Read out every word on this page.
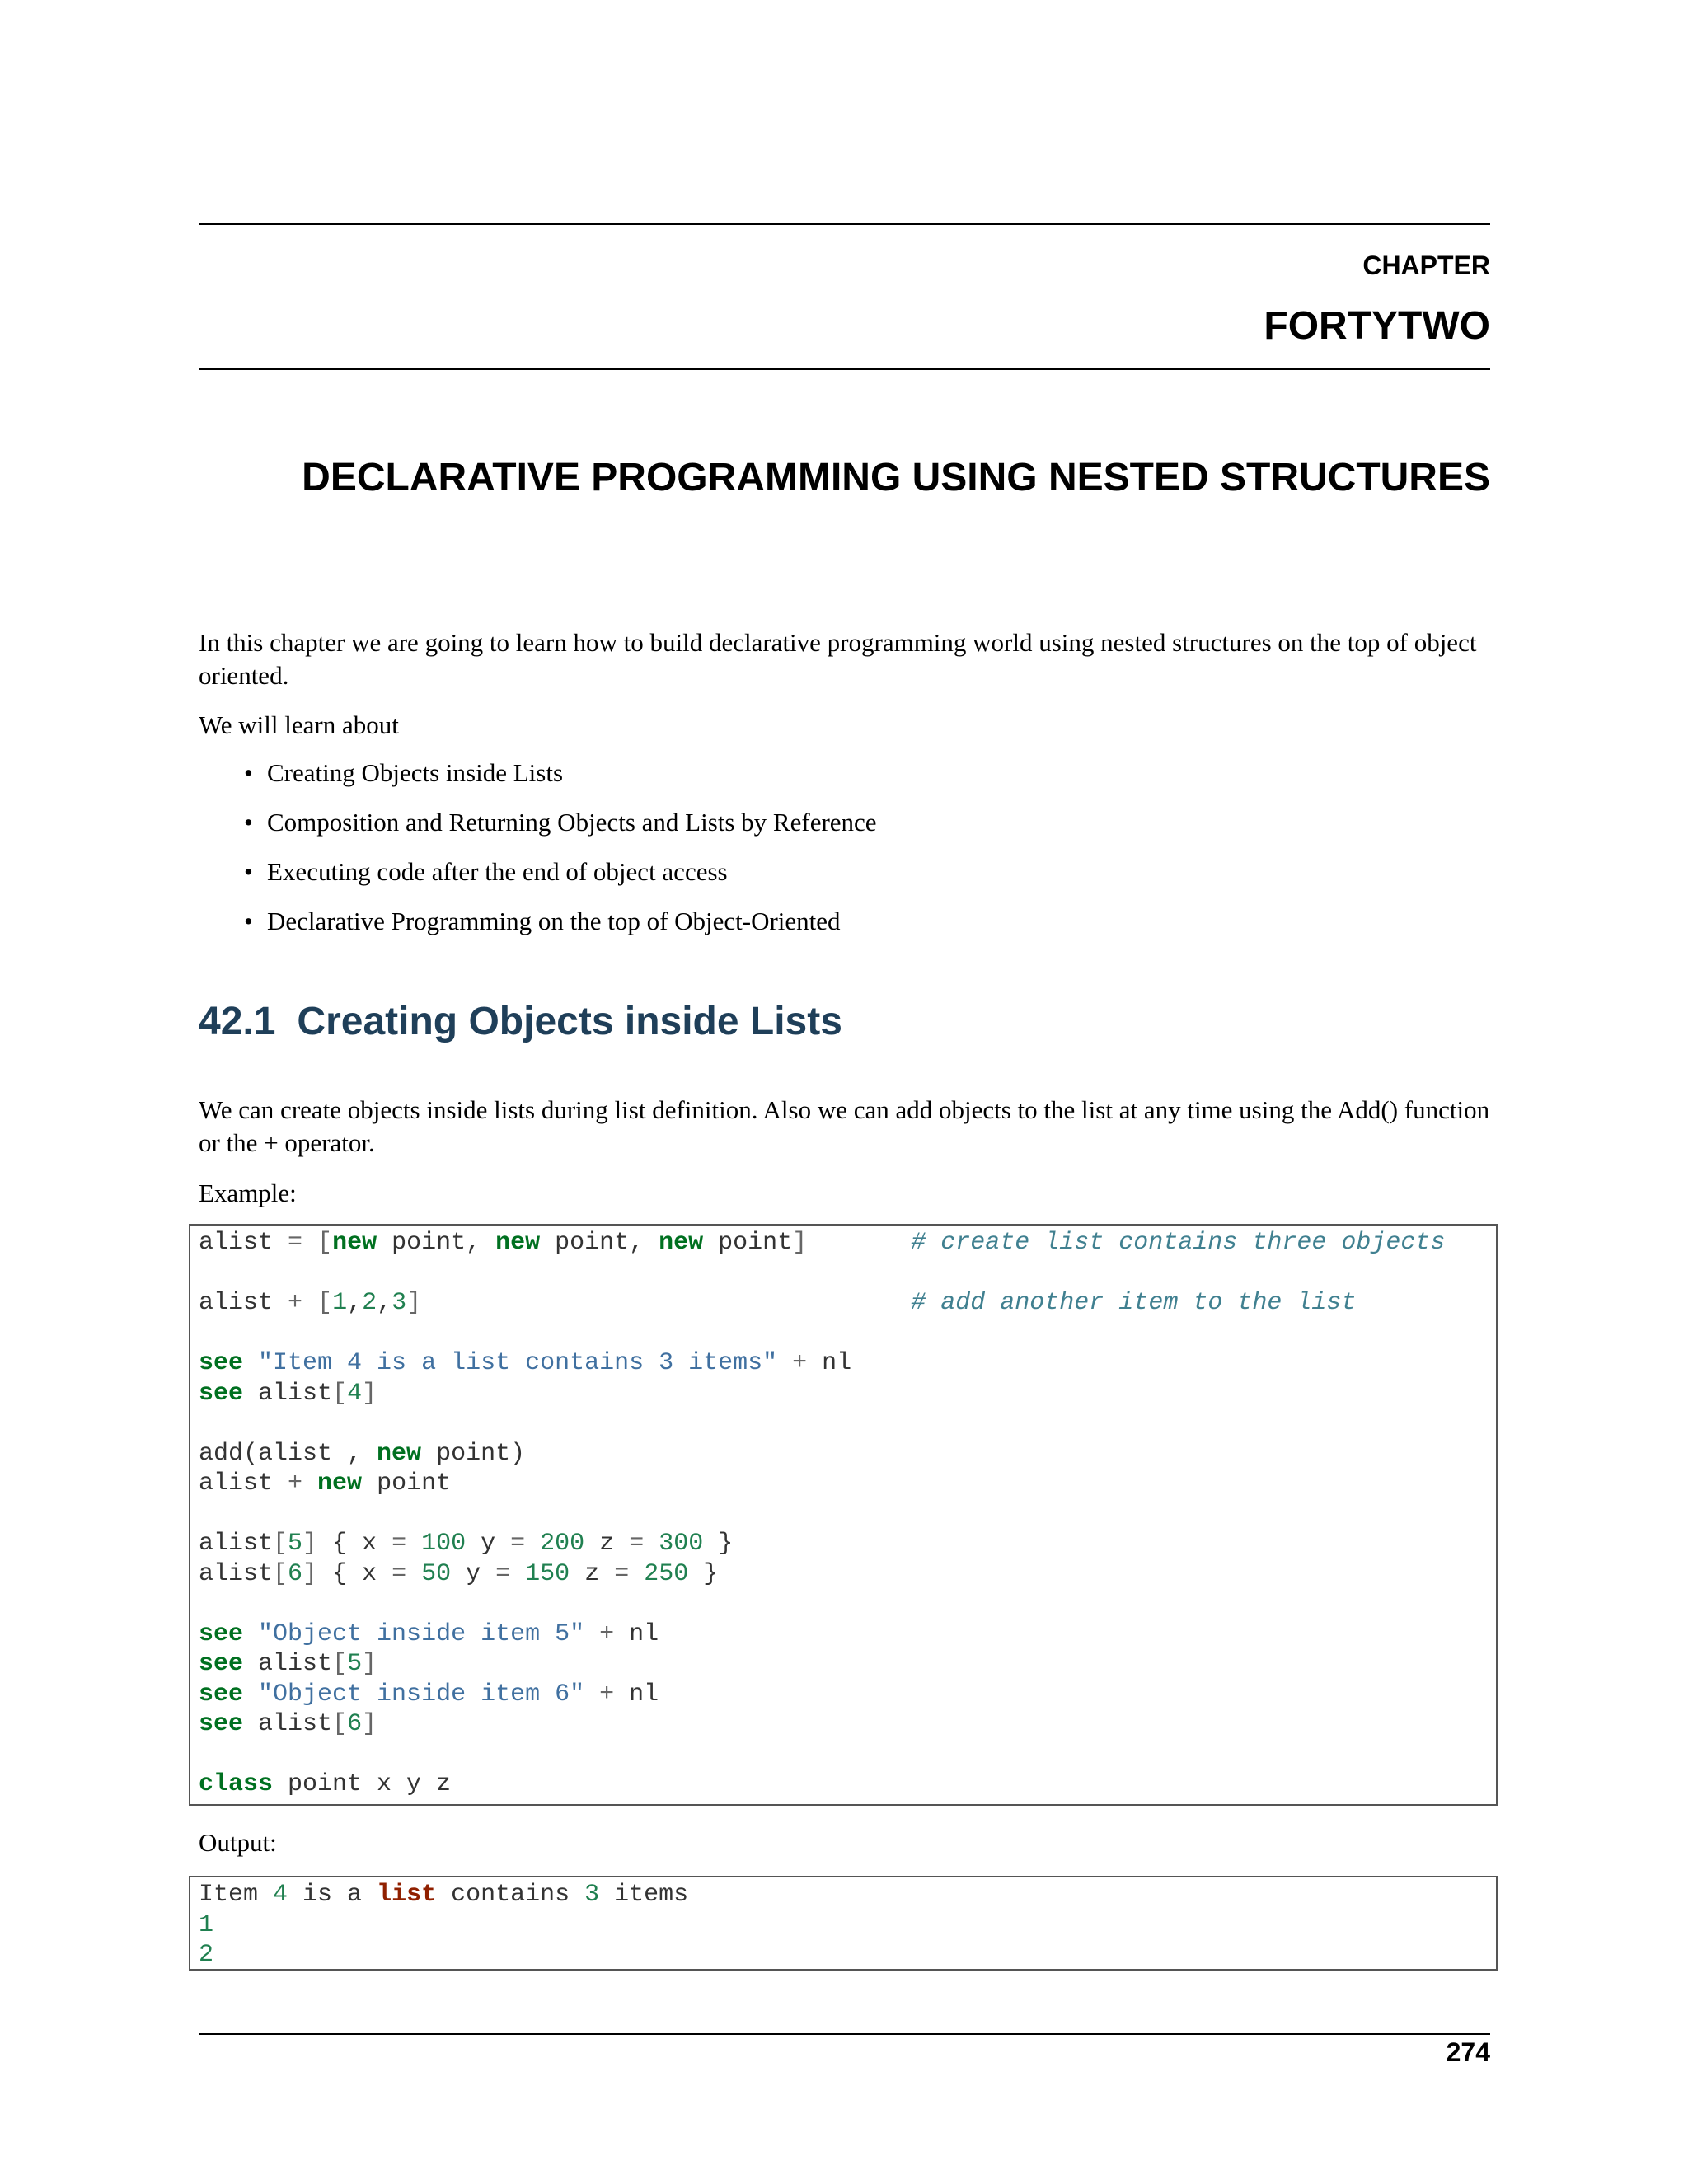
CHAPTER
FORTYTWO
DECLARATIVE PROGRAMMING USING NESTED STRUCTURES

In this chapter we are going to learn how to build declarative programming world using nested structures on the top of object oriented.

We will learn about

• Creating Objects inside Lists
• Composition and Returning Objects and Lists by Reference
• Executing code after the end of object access
• Declarative Programming on the top of Object-Oriented
42.1 Creating Objects inside Lists

We can create objects inside lists during list definition. Also we can add objects to the list at any time using the Add() function or the + operator.

Example:

alist = [new point, new point, new point]	# create list contains three objects

alist + [1,2,3]	# add another item to the list

see "Item 4 is a list contains 3 items" + nl
see alist[4]

add(alist , new point)
alist + new point

alist[5] { x = 100 y = 200 z = 300 }
alist[6] { x = 50 y = 150 z = 250 }

see "Object inside item 5" + nl
see alist[5]
see "Object inside item 6" + nl
see alist[6]

class point x y z

Output:

Item 4 is a list contains 3 items
1
2
274
